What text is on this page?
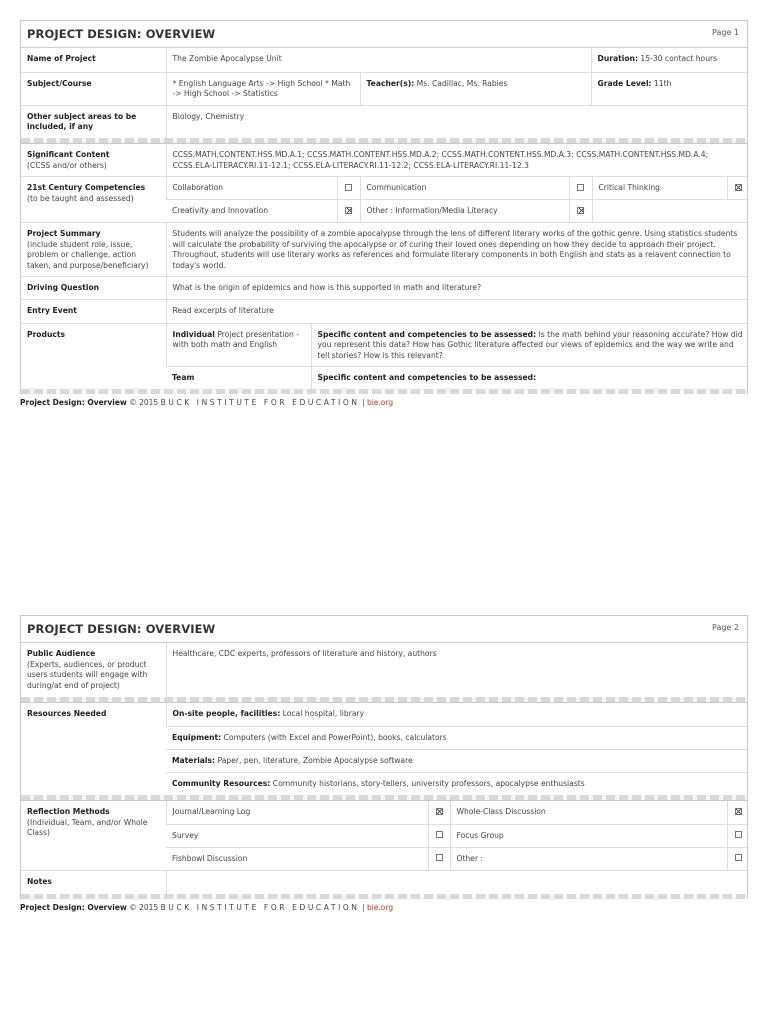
PROJECT DESIGN: OVERVIEW	Page 1
Name of Project	The Zombie Apocalypse Unit		Duration: 15-30 contact hours
Subject/Course	* English Language Arts -> High School * Math -> High School -> Statistics	Teacher(s): Ms. Cadillac, Ms. Rabies	Grade Level: 11th
Other subject areas to be included, if any	Biology, Chemistry		
Significant Content
(CCSS and/or others)	CCSS.MATH.CONTENT.HSS.MD.A.1; CCSS.MATH.CONTENT.HSS.MD.A.2; CCSS.MATH.CONTENT.HSS.MD.A.3; CCSS.MATH.CONTENT.HSS.MD.A.4; CCSS.ELA-LITERACY.RI.11-12.1; CCSS.ELA-LITERACY.RI.11-12.2; CCSS.ELA-LITERACY.RI.11-12.3					
21st Century Competencies
(to be taught and assessed)	Collaboration		Communication		Critical Thinking	
	Creativity and Innovation		Other : Information/Media Literacy			
Project Summary
(include student role, issue, problem or challenge, action taken, and purpose/beneficiary)	Students will analyze the possibility of a zombie apocalypse through the lens of different literary works of the gothic genre. Using statistics students will calculate the probability of surviving the apocalypse or of curing their loved ones depending on how they decide to approach their project. Throughout, students will use literary works as references and formulate literary components in both English and stats as a relavent connection to today's world.					
Driving Question	What is the origin of epidemics and how is this supported in math and literature?					
Entry Event	Read excerpts of literature					
Products	Individual Project presentation - with both math and English	Specific content and competencies to be assessed: Is the math behind your reasoning accurate? How did you represent this data? How has Gothic literature affected our views of epidemics and the way we write and tell stories? How is this relevant?
	Team	Specific content and competencies to be assessed:
Project Design: Overview © 2015 BUCK INSTITUTE FOR EDUCATION | bie.org
PROJECT DESIGN: OVERVIEW	Page 2
Public Audience
(Experts, audiences, or product users students will engage with during/at end of project)
	Healthcare, CDC experts, professors of literature and history, authors
Resources Needed	On-site people, facilities: Local hospital, library
Equipment: Computers (with Excel and PowerPoint), books, calculators
Materials: Paper, pen, literature, Zombie Apocalypse software
Community Resources: Community historians, story-tellers, university professors, apocalypse enthusiasts
Reflection Methods
(Individual, Team, and/or Whole Class)	Journal/Learning Log		Whole-Class Discussion	
	Survey		Focus Group	
	Fishbowl Discussion		Other :	
Notes	
Project Design: Overview © 2015 BUCK INSTITUTE FOR EDUCATION | bie.org
